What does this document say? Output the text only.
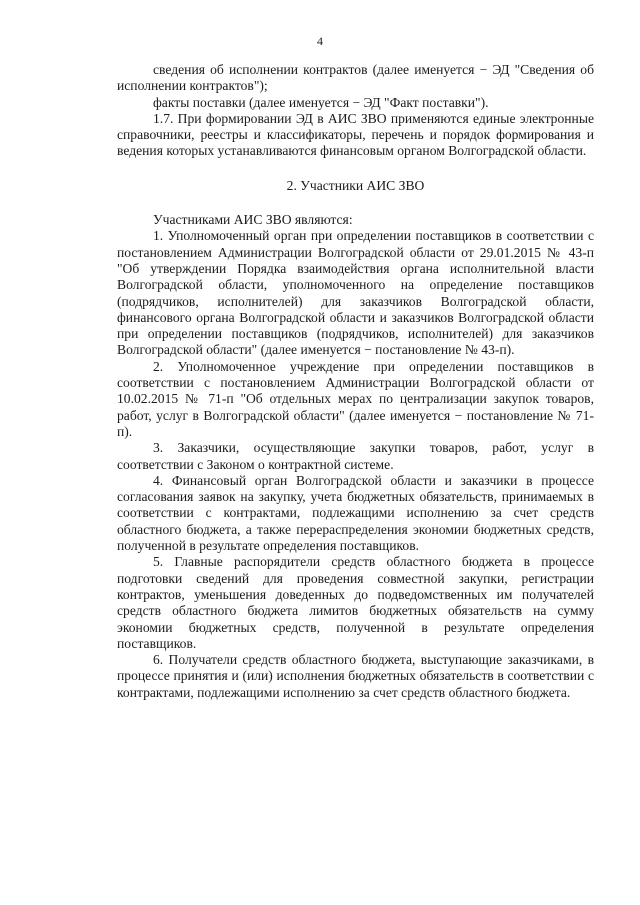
4

сведения об исполнении контрактов (далее именуется − ЭД "Сведения об исполнении контрактов");

факты поставки (далее именуется − ЭД "Факт поставки").

1.7. При формировании ЭД в АИС ЗВО применяются единые электронные справочники, реестры и классификаторы, перечень и порядок формирования и ведения которых устанавливаются финансовым органом Волгоградской области.

2. Участники АИС ЗВО

Участниками АИС ЗВО являются:

1. Уполномоченный орган при определении поставщиков в соответствии с постановлением Администрации Волгоградской области от 29.01.2015 № 43-п "Об утверждении Порядка взаимодействия органа исполнительной власти Волгоградской области, уполномоченного на определение поставщиков (подрядчиков, исполнителей) для заказчиков Волгоградской области, финансового органа Волгоградской области и заказчиков Волгоградской области при определении поставщиков (подрядчиков, исполнителей) для заказчиков Волгоградской области" (далее именуется − постановление № 43-п).

2. Уполномоченное учреждение при определении поставщиков в соответствии с постановлением Администрации Волгоградской области от 10.02.2015 № 71-п "Об отдельных мерах по централизации закупок товаров, работ, услуг в Волгоградской области" (далее именуется − постановление № 71-п).

3. Заказчики, осуществляющие закупки товаров, работ, услуг в соответствии с Законом о контрактной системе.

4. Финансовый орган Волгоградской области и заказчики в процессе согласования заявок на закупку, учета бюджетных обязательств, принимаемых в соответствии с контрактами, подлежащими исполнению за счет средств областного бюджета, а также перераспределения экономии бюджетных средств, полученной в результате определения поставщиков.

5. Главные распорядители средств областного бюджета в процессе подготовки сведений для проведения совместной закупки, регистрации контрактов, уменьшения доведенных до подведомственных им получателей средств областного бюджета лимитов бюджетных обязательств на сумму экономии бюджетных средств, полученной в результате определения поставщиков.

6. Получатели средств областного бюджета, выступающие заказчиками, в процессе принятия и (или) исполнения бюджетных обязательств в соответствии с контрактами, подлежащими исполнению за счет средств областного бюджета.
